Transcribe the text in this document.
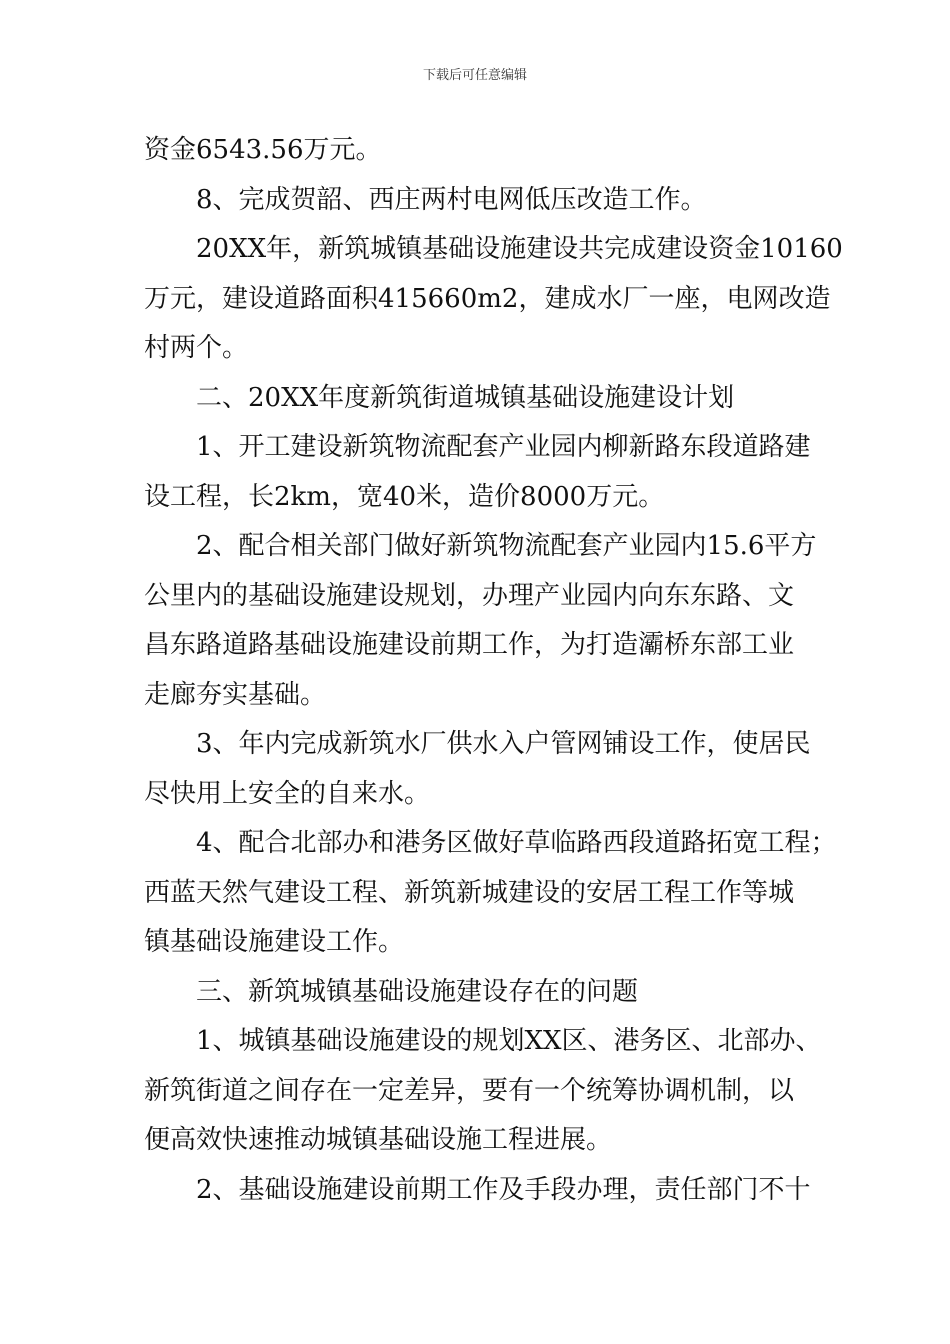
下载后可任意编辑
资金6543.56万元。
　　8、完成贺韶、西庄两村电网低压改造工作。
　　20XX年，新筑城镇基础设施建设共完成建设资金10160
万元，建设道路面积415660m2，建成水厂一座，电网改造
村两个。
　　二、20XX年度新筑街道城镇基础设施建设计划
　　1、开工建设新筑物流配套产业园内柳新路东段道路建
设工程，长2km，宽40米，造价8000万元。
　　2、配合相关部门做好新筑物流配套产业园内15.6平方
公里内的基础设施建设规划，办理产业园内向东东路、文
昌东路道路基础设施建设前期工作，为打造灞桥东部工业
走廊夯实基础。
　　3、年内完成新筑水厂供水入户管网铺设工作，使居民
尽快用上安全的自来水。
　　4、配合北部办和港务区做好草临路西段道路拓宽工程；
西蓝天然气建设工程、新筑新城建设的安居工程工作等城
镇基础设施建设工作。
　　三、新筑城镇基础设施建设存在的问题
　　1、城镇基础设施建设的规划XX区、港务区、北部办、
新筑街道之间存在一定差异，要有一个统筹协调机制，以
便高效快速推动城镇基础设施工程进展。
　　2、基础设施建设前期工作及手段办理，责任部门不十
